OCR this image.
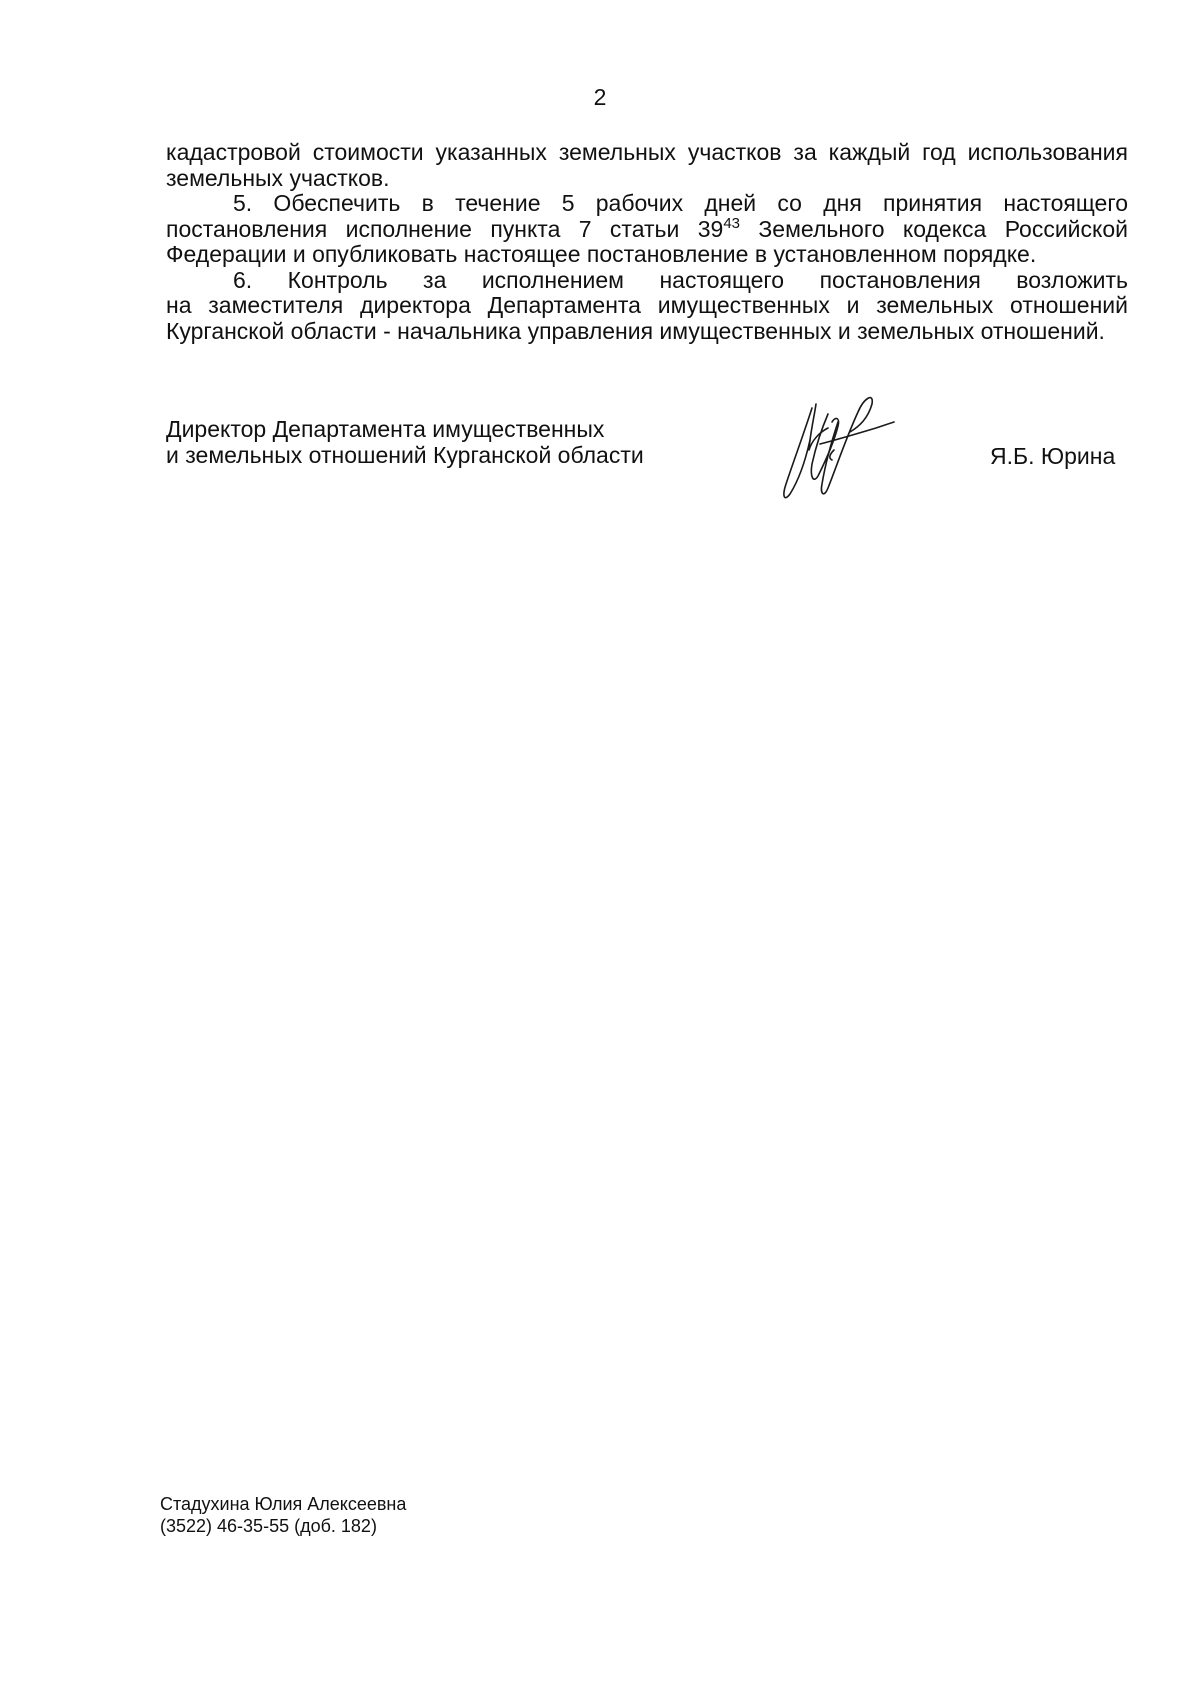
2

кадастровой стоимости указанных земельных участков за каждый год использования земельных участков.

5. Обеспечить в течение 5 рабочих дней со дня принятия настоящего постановления исполнение пункта 7 статьи $39^{43}$ Земельного кодекса Российской Федерации и опубликовать настоящее постановление в установленном порядке.

6. Контроль за исполнением настоящего постановления возложить

на заместителя директора Департамента имущественных и земельных отношений Курганской области - начальника управления имущественных и земельных отношений.

Директор Департамента имущественных
и земельных отношений Курганской области	Я.Б. Юрина
Стадухина Юлия Алексеевна
(3522) 46-35-55 (доб. 182)
